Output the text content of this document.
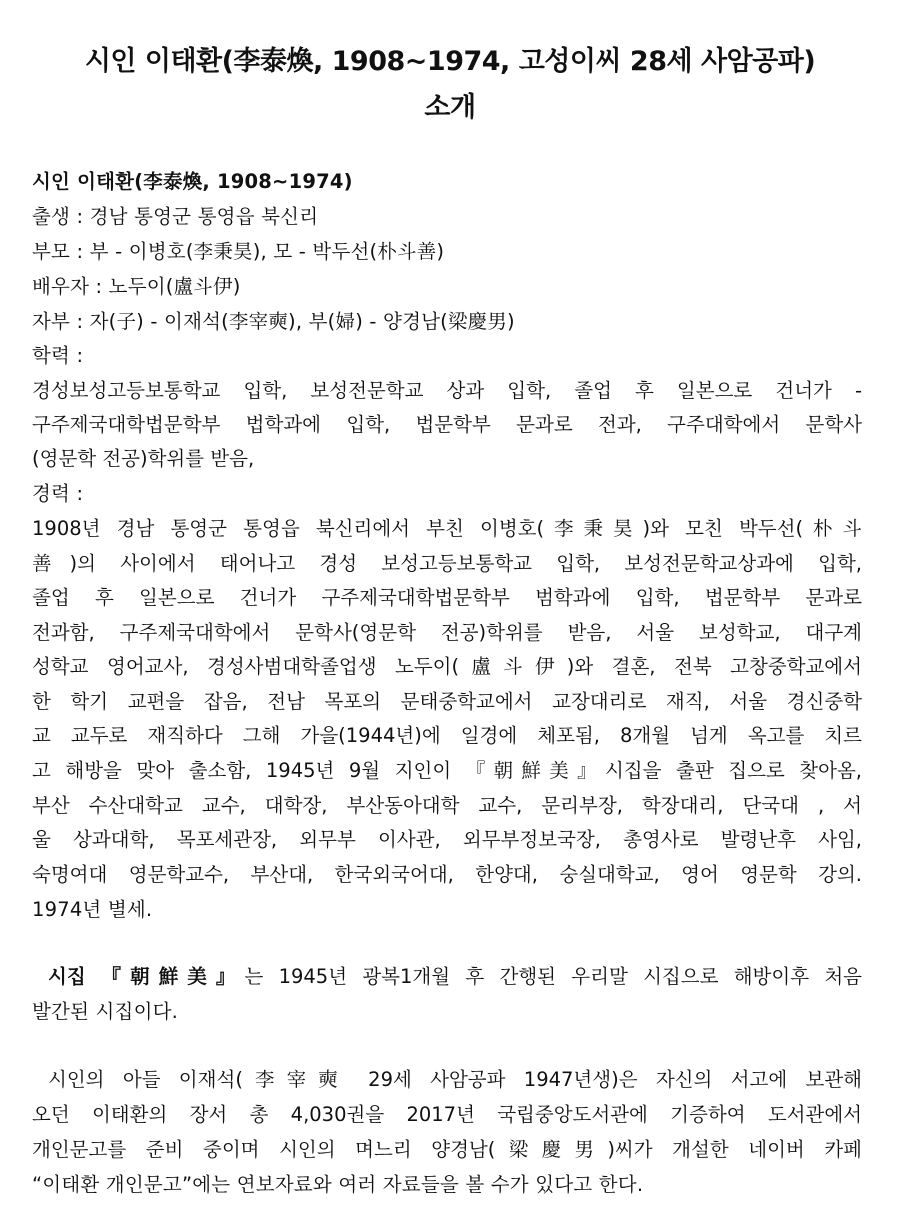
시인 이태환(李泰煥, 1908~1974, 고성이씨 28세 사암공파)
소개
시인 이태환(李泰煥, 1908~1974)
출생 : 경남 통영군 통영읍 북신리
부모 : 부 - 이병호(李秉昊), 모 - 박두선(朴斗善)
배우자 : 노두이(盧斗伊)
자부 : 자(子) - 이재석(李宰奭), 부(婦) - 양경남(梁慶男)
학력 :
경성보성고등보통학교 입학, 보성전문학교 상과 입학, 졸업 후 일본으로 건너가 -
구주제국대학법문학부 법학과에 입학, 법문학부 문과로 전과, 구주대학에서 문학사
(영문학 전공)학위를 받음,
경력 :
1908년 경남 통영군 통영읍 북신리에서 부친 이병호(李秉昊)와 모친 박두선(朴斗
善)의 사이에서 태어나고 경성 보성고등보통학교 입학, 보성전문학교상과에 입학,
졸업 후 일본으로 건너가 구주제국대학법문학부 범학과에 입학, 법문학부 문과로
전과함, 구주제국대학에서 문학사(영문학 전공)학위를 받음, 서울 보성학교, 대구계
성학교 영어교사, 경성사범대학졸업생 노두이(盧斗伊)와 결혼, 전북 고창중학교에서
한 학기 교편을 잡음, 전남 목포의 문태중학교에서 교장대리로 재직, 서울 경신중학
교 교두로 재직하다 그해 가을(1944년)에 일경에 체포됨, 8개월 넘게 옥고를 치르
고 해방을 맞아 출소함, 1945년 9월 지인이 『朝鮮美』시집을 출판 집으로 찾아옴,
부산 수산대학교 교수, 대학장, 부산동아대학 교수, 문리부장, 학장대리, 단국대 , 서
울 상과대학, 목포세관장, 외무부 이사관, 외무부정보국장, 총영사로 발령난후 사임,
숙명여대 영문학교수, 부산대, 한국외국어대, 한양대, 숭실대학교, 영어 영문학 강의.
1974년 별세.
시집 『朝鮮美』는 1945년 광복1개월 후 간행된 우리말 시집으로 해방이후 처음
발간된 시집이다.
시인의 아들 이재석(李宰奭 29세 사암공파 1947년생)은 자신의 서고에 보관해
오던 이태환의 장서 총 4,030권을 2017년 국립중앙도서관에 기증하여 도서관에서
개인문고를 준비 중이며 시인의 며느리 양경남(梁慶男)씨가 개설한 네이버 카페
“이태환 개인문고”에는 연보자료와 여러 자료들을 볼 수가 있다고 한다.
